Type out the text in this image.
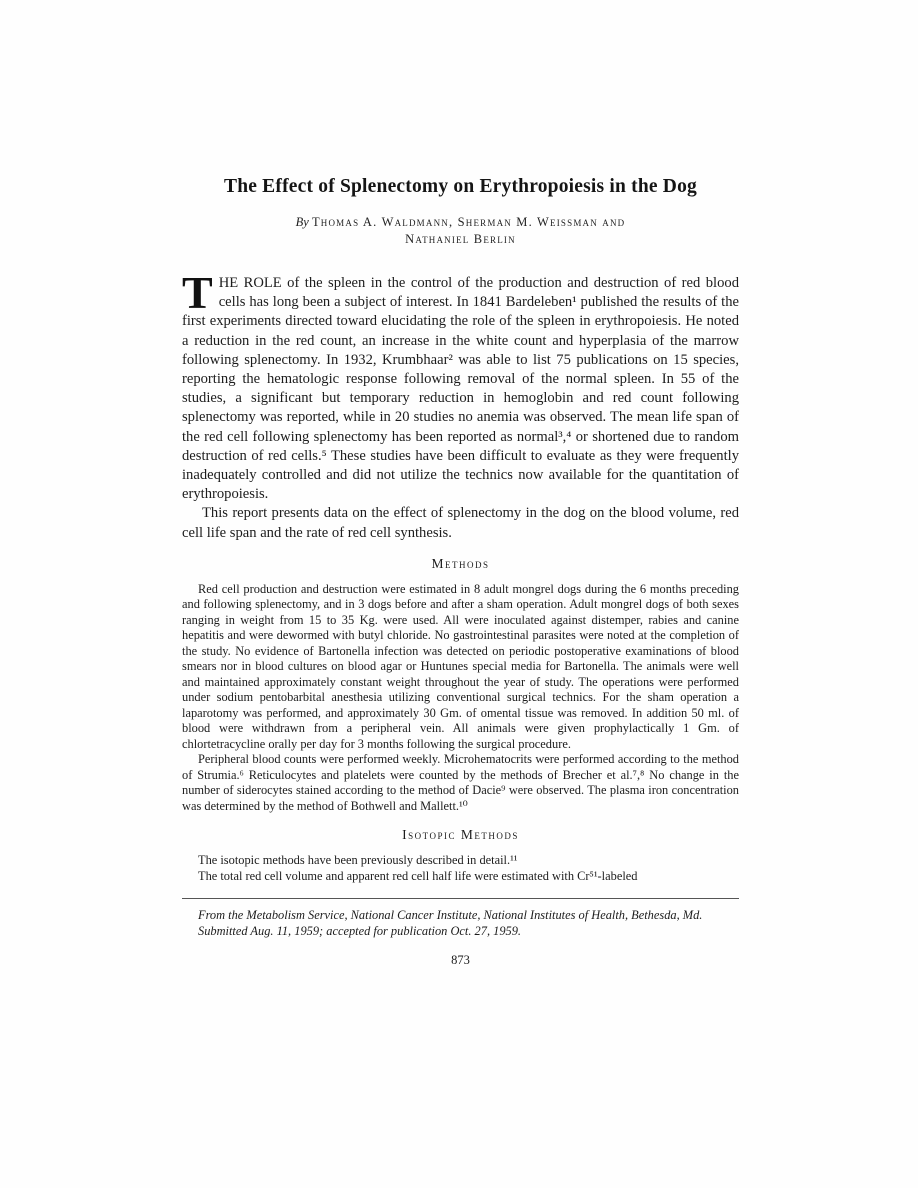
The Effect of Splenectomy on Erythropoiesis in the Dog
By Thomas A. Waldmann, Sherman M. Weissman and
Nathaniel Berlin

THE ROLE of the spleen in the control of the production and destruction of red blood cells has long been a subject of interest. In 1841 Bardeleben¹ published the results of the first experiments directed toward elucidating the role of the spleen in erythropoiesis. He noted a reduction in the red count, an increase in the white count and hyperplasia of the marrow following splenectomy. In 1932, Krumbhaar² was able to list 75 publications on 15 species, reporting the hematologic response following removal of the normal spleen. In 55 of the studies, a significant but temporary reduction in hemoglobin and red count following splenectomy was reported, while in 20 studies no anemia was observed. The mean life span of the red cell following splenectomy has been reported as normal³,⁴ or shortened due to random destruction of red cells.⁵ These studies have been difficult to evaluate as they were frequently inadequately controlled and did not utilize the technics now available for the quantitation of erythropoiesis.

This report presents data on the effect of splenectomy in the dog on the blood volume, red cell life span and the rate of red cell synthesis.

Methods

Red cell production and destruction were estimated in 8 adult mongrel dogs during the 6 months preceding and following splenectomy, and in 3 dogs before and after a sham operation. Adult mongrel dogs of both sexes ranging in weight from 15 to 35 Kg. were used. All were inoculated against distemper, rabies and canine hepatitis and were dewormed with butyl chloride. No gastrointestinal parasites were noted at the completion of the study. No evidence of Bartonella infection was detected on periodic postoperative examinations of blood smears nor in blood cultures on blood agar or Huntunes special media for Bartonella. The animals were well and maintained approximately constant weight throughout the year of study. The operations were performed under sodium pentobarbital anesthesia utilizing conventional surgical technics. For the sham operation a laparotomy was performed, and approximately 30 Gm. of omental tissue was removed. In addition 50 ml. of blood were withdrawn from a peripheral vein. All animals were given prophylactically 1 Gm. of chlortetracycline orally per day for 3 months following the surgical procedure.

Peripheral blood counts were performed weekly. Microhematocrits were performed according to the method of Strumia.⁶ Reticulocytes and platelets were counted by the methods of Brecher et al.⁷,⁸ No change in the number of siderocytes stained according to the method of Dacie⁹ were observed. The plasma iron concentration was determined by the method of Bothwell and Mallett.¹⁰

Isotopic Methods

The isotopic methods have been previously described in detail.¹¹

The total red cell volume and apparent red cell half life were estimated with Cr⁵¹-labeled

From the Metabolism Service, National Cancer Institute, National Institutes of Health, Bethesda, Md.

Submitted Aug. 11, 1959; accepted for publication Oct. 27, 1959.

873
